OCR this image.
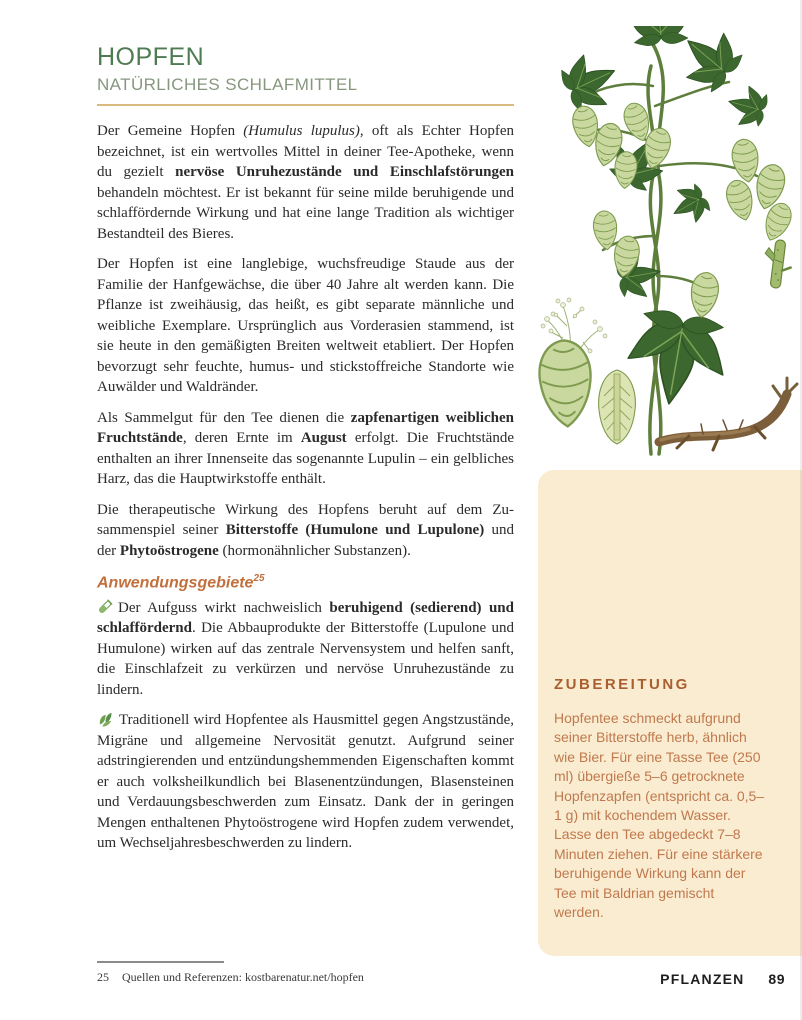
HOPFEN
NATÜRLICHES SCHLAFMITTEL

Der Gemeine Hopfen (Humulus lupulus), oft als Echter Hopfen bezeichnet, ist ein wertvolles Mittel in deiner Tee-Apotheke, wenn du gezielt nervöse Unruhezustände und Einschlafstörungen behandeln möchtest. Er ist bekannt für seine milde beruhigende und schlaffördernde Wirkung und hat eine lange Tradition als wichtiger Bestandteil des Bieres.

Der Hopfen ist eine langlebige, wuchsfreudige Staude aus der Familie der Hanfgewächse, die über 40 Jahre alt werden kann. Die Pflanze ist zweihäusig, das heißt, es gibt separate männliche und weibliche Exemplare. Ursprünglich aus Vorderasien stammend, ist sie heute in den gemäßigten Breiten weltweit etabliert. Der Hopfen bevorzugt sehr feuchte, humus- und stickstoffreiche Standorte wie Auwälder und Waldränder.

Als Sammelgut für den Tee dienen die zapfenartigen weiblichen Fruchtstände, deren Ernte im August erfolgt. Die Fruchtstände enthalten an ihrer Innenseite das sogenannte Lupulin – ein gelbliches Harz, das die Hauptwirkstoffe enthält.

Die therapeutische Wirkung des Hopfens beruht auf dem Zusammenspiel seiner Bitterstoffe (Humulone und Lupulone) und der Phytoöstrogene (hormonähnlicher Substanzen).

Anwendungsgebiete$^{25}$

Der Aufguss wirkt nachweislich beruhigend (sedierend) und schlaffördernd. Die Abbauprodukte der Bitterstoffe (Lupulone und Humulone) wirken auf das zentrale Nervensystem und helfen sanft, die Einschlafzeit zu verkürzen und nervöse Unruhezustände zu lindern.

Traditionell wird Hopfentee als Hausmittel gegen Angstzustände, Migräne und allgemeine Nervosität genutzt. Aufgrund seiner adstringierenden und entzündungshemmenden Eigenschaften kommt er auch volksheilkundlich bei Blasenentzündungen, Blasensteinen und Verdauungsbeschwerden zum Einsatz. Dank der in geringen Mengen enthaltenen Phytoöstrogene wird Hopfen zudem verwendet, um Wechseljahresbeschwerden zu lindern.

ZUBEREITUNG

Hopfentee schmeckt aufgrund seiner Bitterstoffe herb, ähnlich wie Bier. Für eine Tasse Tee (250 ml) übergieße 5–6 getrocknete Hopfenzapfen (entspricht ca. 0,5–1 g) mit kochendem Wasser. Lasse den Tee abgedeckt 7–8 Minuten ziehen. Für eine stärkere beruhigende Wirkung kann der Tee mit Baldrian gemischt werden.

25 Quellen und Referenzen: kostbarenatur.net/hopfen	PFLANZEN 89
